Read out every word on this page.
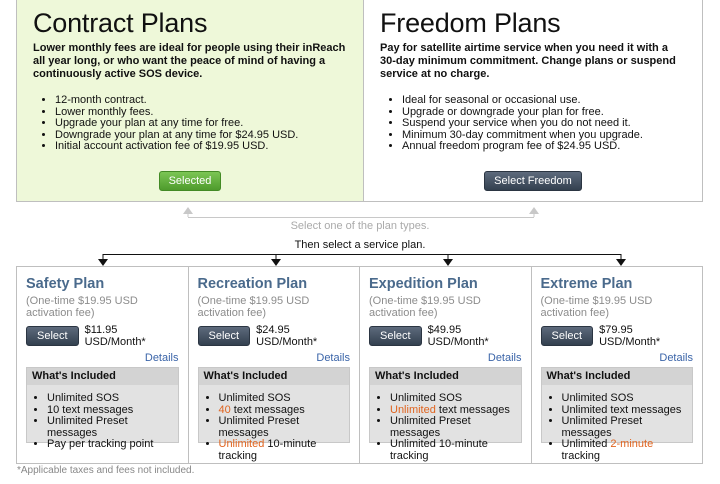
Contract Plans
Lower monthly fees are ideal for people using their inReach all year long, or who want the peace of mind of having a continuously active SOS device.
• 12-month contract.
• Lower monthly fees.
• Upgrade your plan at any time for free.
• Downgrade your plan at any time for $24.95 USD.
• Initial account activation fee of $19.95 USD.
Selected
Freedom Plans
Pay for satellite airtime service when you need it with a 30-day minimum commitment. Change plans or suspend service at no charge.
• Ideal for seasonal or occasional use.
• Upgrade or downgrade your plan for free.
• Suspend your service when you do not need it.
• Minimum 30-day commitment when you upgrade.
• Annual freedom program fee of $24.95 USD.
Select Freedom
Select one of the plan types.
Then select a service plan.
Safety Plan
(One-time $19.95 USD activation fee)
Select	$11.95 USD/Month*
Details
What's Included
• Unlimited SOS
• 10 text messages
• Unlimited Preset messages
• Pay per tracking point
Recreation Plan
(One-time $19.95 USD activation fee)
Select	$24.95 USD/Month*
Details
What's Included
• Unlimited SOS
• 40 text messages
• Unlimited Preset messages
• Unlimited 10-minute tracking
Expedition Plan
(One-time $19.95 USD activation fee)
Select	$49.95 USD/Month*
Details
What's Included
• Unlimited SOS
• Unlimited text messages
• Unlimited Preset messages
• Unlimited 10-minute tracking
Extreme Plan
(One-time $19.95 USD activation fee)
Select	$79.95 USD/Month*
Details
What's Included
• Unlimited SOS
• Unlimited text messages
• Unlimited Preset messages
• Unlimited 2-minute tracking
*Applicable taxes and fees not included.
